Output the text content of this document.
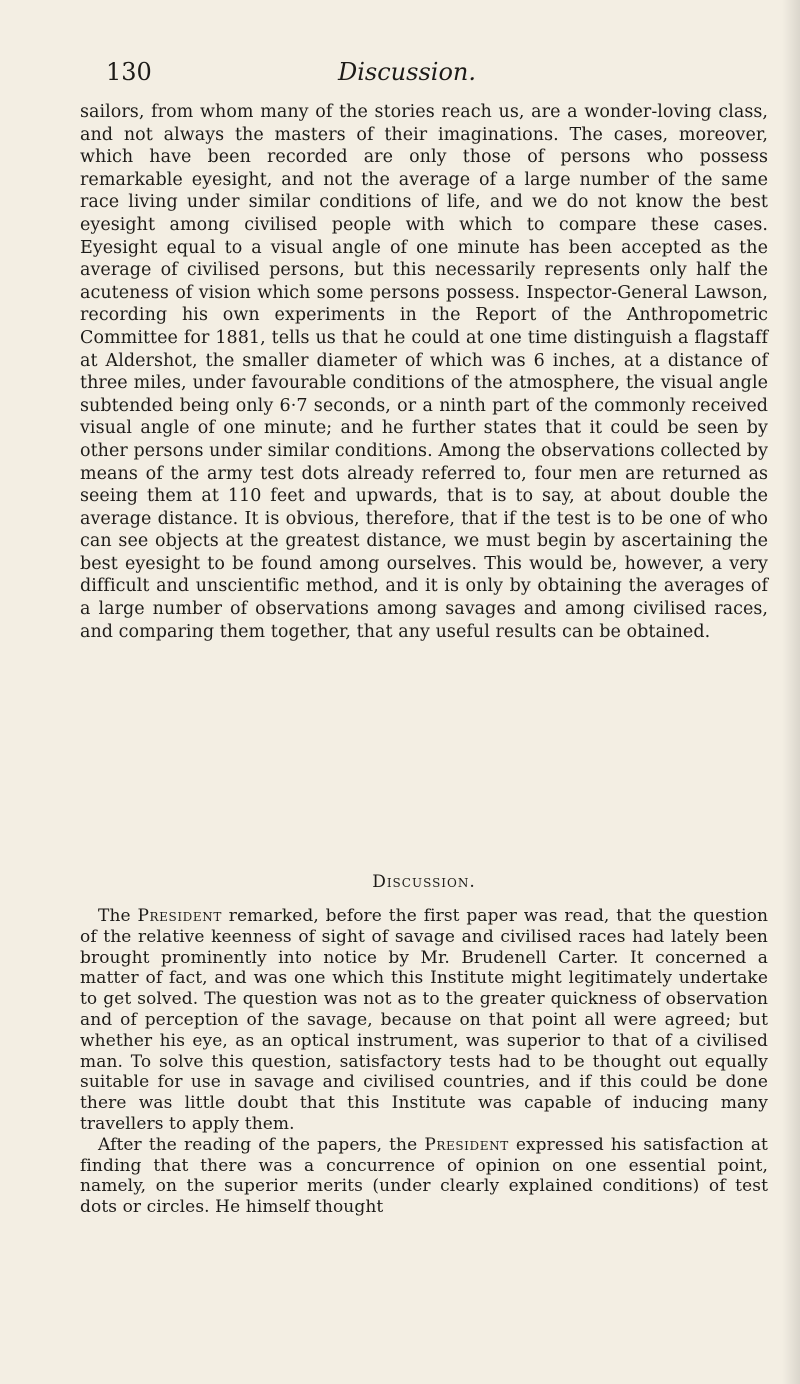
130	Discussion.
sailors, from whom many of the stories reach us, are a wonder-loving class, and not always the masters of their imaginations. The cases, moreover, which have been recorded are only those of persons who possess remarkable eyesight, and not the average of a large number of the same race living under similar conditions of life, and we do not know the best eyesight among civilised people with which to compare these cases. Eyesight equal to a visual angle of one minute has been accepted as the average of civilised persons, but this necessarily represents only half the acuteness of vision which some persons possess. Inspector-General Lawson, recording his own experiments in the Report of the Anthropometric Committee for 1881, tells us that he could at one time distinguish a flagstaff at Aldershot, the smaller diameter of which was 6 inches, at a distance of three miles, under favourable conditions of the atmosphere, the visual angle subtended being only 6·7 seconds, or a ninth part of the commonly received visual angle of one minute; and he further states that it could be seen by other persons under similar conditions. Among the observations collected by means of the army test dots already referred to, four men are returned as seeing them at 110 feet and upwards, that is to say, at about double the average distance. It is obvious, therefore, that if the test is to be one of who can see objects at the greatest distance, we must begin by ascertaining the best eyesight to be found among ourselves. This would be, however, a very difficult and unscientific method, and it is only by obtaining the averages of a large number of observations among savages and among civilised races, and comparing them together, that any useful results can be obtained.
Discussion.

The President remarked, before the first paper was read, that the question of the relative keenness of sight of savage and civilised races had lately been brought prominently into notice by Mr. Brudenell Carter. It concerned a matter of fact, and was one which this Institute might legitimately undertake to get solved. The question was not as to the greater quickness of observation and of perception of the savage, because on that point all were agreed; but whether his eye, as an optical instrument, was superior to that of a civilised man. To solve this question, satisfactory tests had to be thought out equally suitable for use in savage and civilised countries, and if this could be done there was little doubt that this Institute was capable of inducing many travellers to apply them.

After the reading of the papers, the President expressed his satisfaction at finding that there was a concurrence of opinion on one essential point, namely, on the superior merits (under clearly explained conditions) of test dots or circles. He himself thought
